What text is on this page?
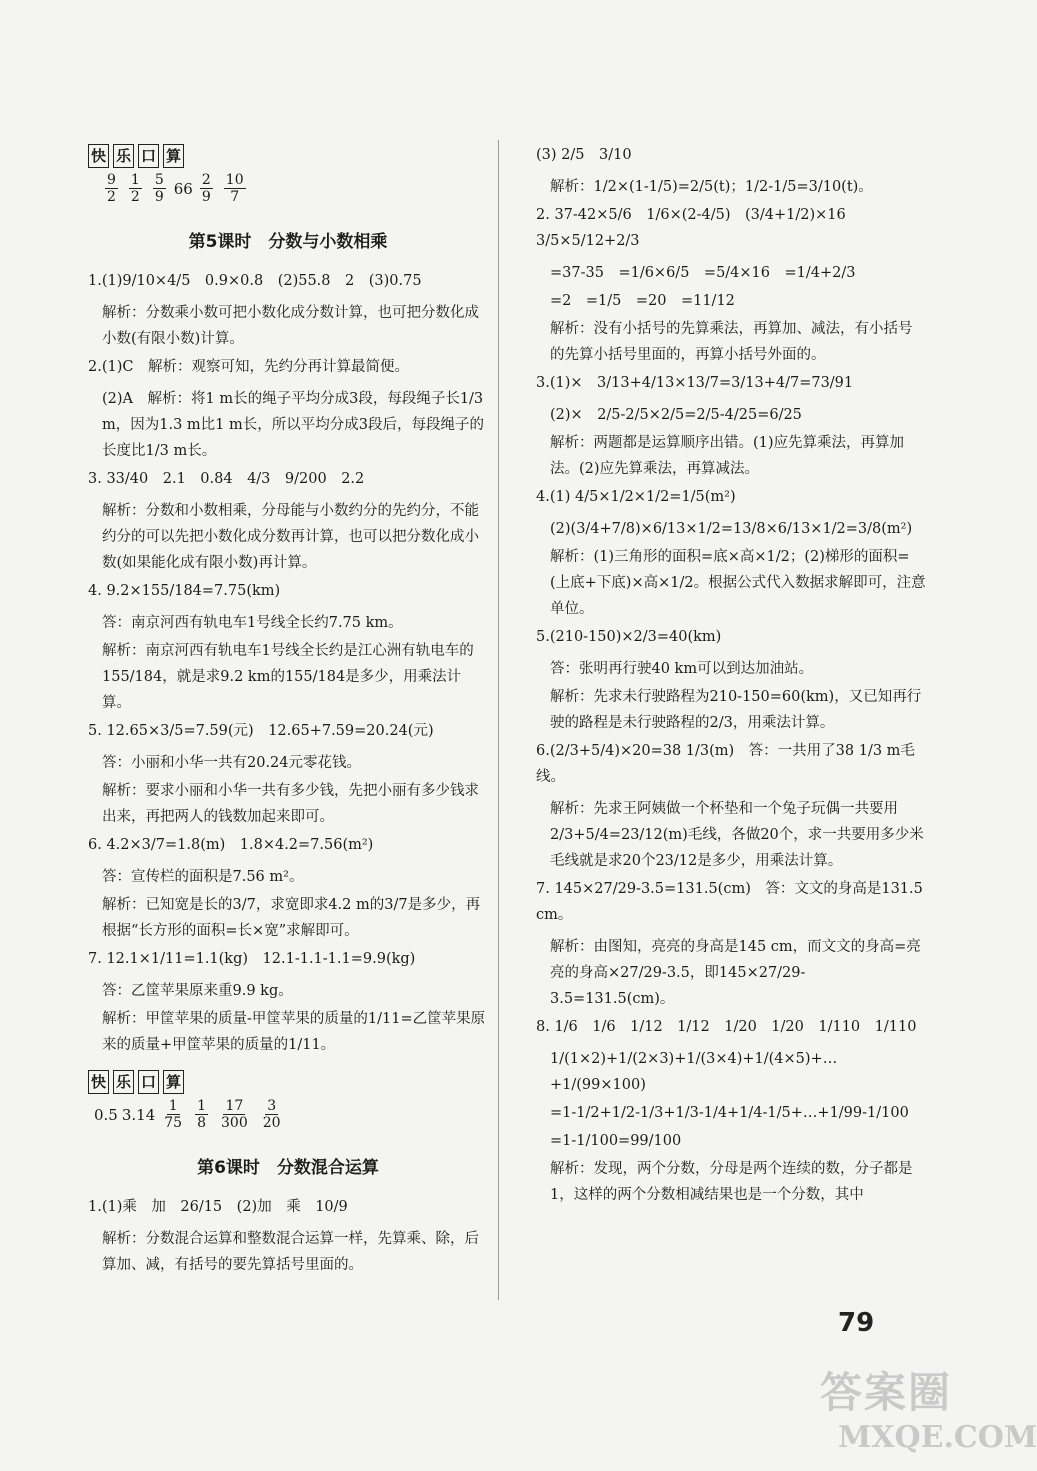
快 乐 口 算
9
2
1
2
5
9 66 2
9
10
7
第5课时　分数与小数相乘
1.(1)9/10×4/5　0.9×0.8　(2)55.8　2　(3)0.75
解析：分数乘小数可把小数化成分数计算，也可把分数化成小数(有限小数)计算。
2.(1)C　解析：观察可知，先约分再计算最简便。
(2)A　解析：将1 m长的绳子平均分成3段，每段绳子长1/3 m，因为1.3 m比1 m长，所以平均分成3段后，每段绳子的长度比1/3 m长。
3. 33/40　2.1　0.84　4/3　9/200　2.2
解析：分数和小数相乘，分母能与小数约分的先约分，不能约分的可以先把小数化成分数再计算，也可以把分数化成小数(如果能化成有限小数)再计算。
4. 9.2×155/184=7.75(km)
答：南京河西有轨电车1号线全长约7.75 km。
解析：南京河西有轨电车1号线全长约是江心洲有轨电车的155/184，就是求9.2 km的155/184是多少，用乘法计算。
5. 12.65×3/5=7.59(元)　12.65+7.59=20.24(元)
答：小丽和小华一共有20.24元零花钱。
解析：要求小丽和小华一共有多少钱，先把小丽有多少钱求出来，再把两人的钱数加起来即可。
6. 4.2×3/7=1.8(m)　1.8×4.2=7.56(m²)
答：宣传栏的面积是7.56 m²。
解析：已知宽是长的3/7，求宽即求4.2 m的3/7是多少，再根据“长方形的面积=长×宽”求解即可。
7. 12.1×1/11=1.1(kg)　12.1-1.1-1.1=9.9(kg)
答：乙筐苹果原来重9.9 kg。
解析：甲筐苹果的质量-甲筐苹果的质量的1/11=乙筐苹果原来的质量+甲筐苹果的质量的1/11。
快 乐 口 算
0.5 3.14 1
75
1
8
17
300
3
20
第6课时　分数混合运算
1.(1)乘　加　26/15　(2)加　乘　10/9
解析：分数混合运算和整数混合运算一样，先算乘、除，后算加、减，有括号的要先算括号里面的。
(3) 2/5　3/10
解析：1/2×(1-1/5)=2/5(t)；1/2-1/5=3/10(t)。
2. 37-42×5/6　1/6×(2-4/5)　(3/4+1/2)×16　3/5×5/12+2/3
=37-35　=1/6×6/5　=5/4×16　=1/4+2/3
=2　=1/5　=20　=11/12
解析：没有小括号的先算乘法，再算加、减法，有小括号的先算小括号里面的，再算小括号外面的。
3.(1)×　3/13+4/13×13/7=3/13+4/7=73/91
(2)×　2/5-2/5×2/5=2/5-4/25=6/25
解析：两题都是运算顺序出错。(1)应先算乘法，再算加法。(2)应先算乘法，再算减法。
4.(1) 4/5×1/2×1/2=1/5(m²)
(2)(3/4+7/8)×6/13×1/2=13/8×6/13×1/2=3/8(m²)
解析：(1)三角形的面积=底×高×1/2；(2)梯形的面积=(上底+下底)×高×1/2。根据公式代入数据求解即可，注意单位。
5.(210-150)×2/3=40(km)
答：张明再行驶40 km可以到达加油站。
解析：先求未行驶路程为210-150=60(km)，又已知再行驶的路程是未行驶路程的2/3，用乘法计算。
6.(2/3+5/4)×20=38 1/3(m)　答：一共用了38 1/3 m毛线。
解析：先求王阿姨做一个杯垫和一个兔子玩偶一共要用2/3+5/4=23/12(m)毛线，各做20个，求一共要用多少米毛线就是求20个23/12是多少，用乘法计算。
7. 145×27/29-3.5=131.5(cm)　答：文文的身高是131.5 cm。
解析：由图知，亮亮的身高是145 cm，而文文的身高=亮亮的身高×27/29-3.5，即145×27/29-3.5=131.5(cm)。
8. 1/6　1/6　1/12　1/12　1/20　1/20　1/110　1/110
1/(1×2)+1/(2×3)+1/(3×4)+1/(4×5)+…+1/(99×100)
=1-1/2+1/2-1/3+1/3-1/4+1/4-1/5+…+1/99-1/100
=1-1/100=99/100
解析：发现，两个分数，分母是两个连续的数，分子都是1，这样的两个分数相减结果也是一个分数，其中
79
答案圈
MXQE.COM
